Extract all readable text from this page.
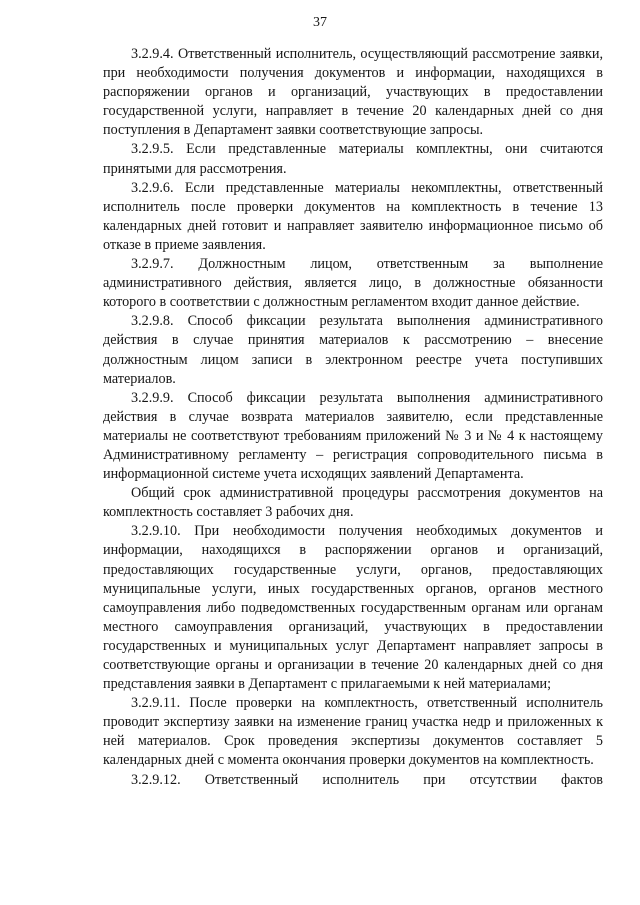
37

3.2.9.4. Ответственный исполнитель, осуществляющий рассмотрение заявки, при необходимости получения документов и информации, находящихся в распоряжении органов и организаций, участвующих в предоставлении государственной услуги, направляет в течение 20 календарных дней со дня поступления в Департамент заявки соответствующие запросы.

3.2.9.5. Если представленные материалы комплектны, они считаются принятыми для рассмотрения.

3.2.9.6. Если представленные материалы некомплектны, ответственный исполнитель после проверки документов на комплектность в течение 13 календарных дней готовит и направляет заявителю информационное письмо об отказе в приеме заявления.

3.2.9.7. Должностным лицом, ответственным за выполнение административного действия, является лицо, в должностные обязанности которого в соответствии с должностным регламентом входит данное действие.

3.2.9.8. Способ фиксации результата выполнения административного действия в случае принятия материалов к рассмотрению – внесение должностным лицом записи в электронном реестре учета поступивших материалов.

3.2.9.9. Способ фиксации результата выполнения административного действия в случае возврата материалов заявителю, если представленные материалы не соответствуют требованиям приложений № 3 и № 4 к настоящему Административному регламенту – регистрация сопроводительного письма в информационной системе учета исходящих заявлений Департамента.

Общий срок административной процедуры рассмотрения документов на комплектность составляет 3 рабочих дня.

3.2.9.10. При необходимости получения необходимых документов и информации, находящихся в распоряжении органов и организаций, предоставляющих государственные услуги, органов, предоставляющих муниципальные услуги, иных государственных органов, органов местного самоуправления либо подведомственных государственным органам или органам местного самоуправления организаций, участвующих в предоставлении государственных и муниципальных услуг Департамент направляет запросы в соответствующие органы и организации в течение 20 календарных дней со дня представления заявки в Департамент с прилагаемыми к ней материалами;

3.2.9.11. После проверки на комплектность, ответственный исполнитель проводит экспертизу заявки на изменение границ участка недр и приложенных к ней материалов. Срок проведения экспертизы документов составляет 5 календарных дней с момента окончания проверки документов на комплектность.

3.2.9.12. Ответственный исполнитель при отсутствии фактов
